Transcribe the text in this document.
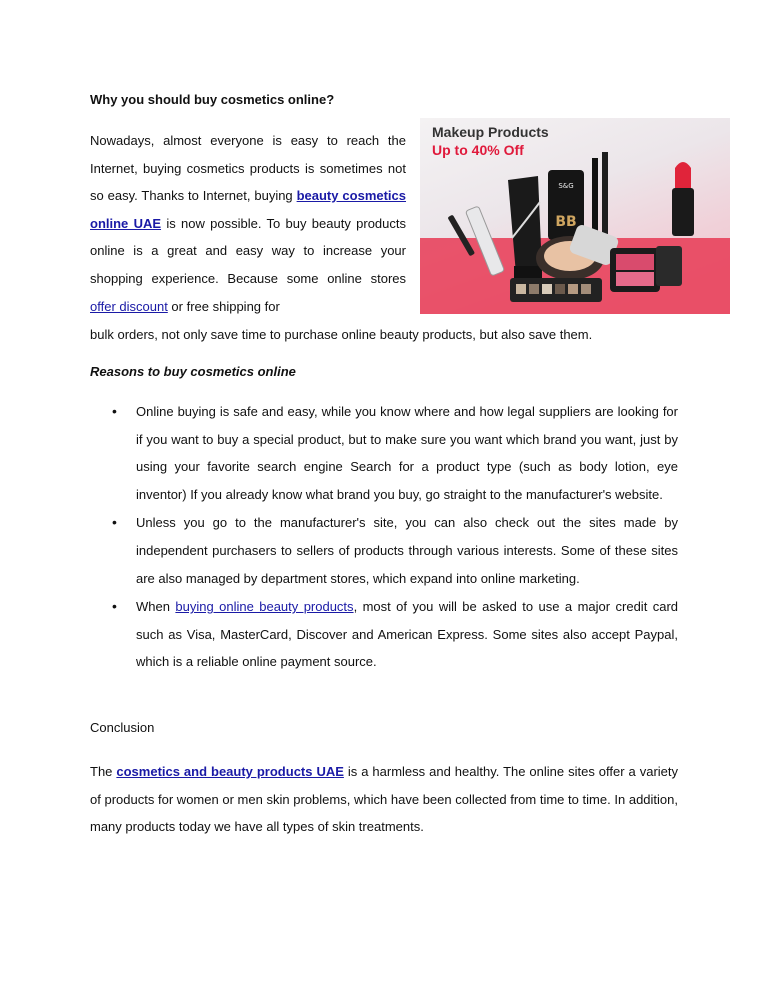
Why you should buy cosmetics online?
Nowadays, almost everyone is easy to reach the Internet, buying cosmetics products is sometimes not so easy. Thanks to Internet, buying beauty cosmetics online UAE is now possible. To buy beauty products online is a great and easy way to increase your shopping experience. Because some online stores offer discount or free shipping for
bulk orders, not only save time to purchase online beauty products, but also save them.
Reasons to buy cosmetics online
• Online buying is safe and easy, while you know where and how legal suppliers are looking for if you want to buy a special product, but to make sure you want which brand you want, just by using your favorite search engine Search for a product type (such as body lotion, eye inventor) If you already know what brand you buy, go straight to the manufacturer's website.
• Unless you go to the manufacturer's site, you can also check out the sites made by independent purchasers to sellers of products through various interests. Some of these sites are also managed by department stores, which expand into online marketing.
• When buying online beauty products, most of you will be asked to use a major credit card such as Visa, MasterCard, Discover and American Express. Some sites also accept Paypal, which is a reliable online payment source.
Conclusion
The cosmetics and beauty products UAE is a harmless and healthy. The online sites offer a variety of products for women or men skin problems, which have been collected from time to time. In addition, many products today we have all types of skin treatments.
BB
S&G
Makeup Products
Up to 40% Off
